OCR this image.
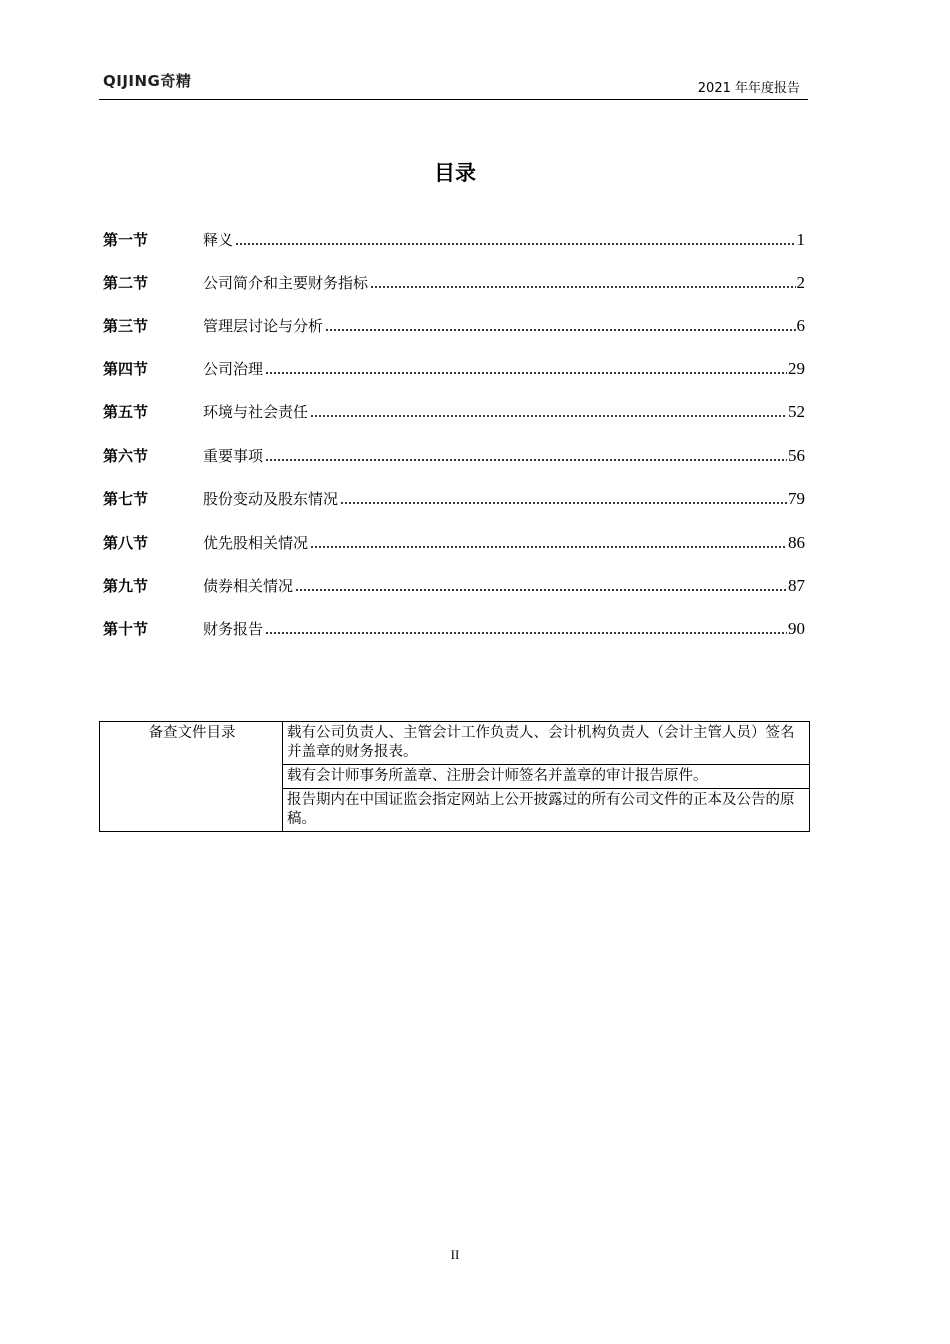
QIJING奇精	2021 年年度报告
目录
第一节	释义	1
第二节	公司简介和主要财务指标	2
第三节	管理层讨论与分析	6
第四节	公司治理	29
第五节	环境与社会责任	52
第六节	重要事项	56
第七节	股份变动及股东情况	79
第八节	优先股相关情况	86
第九节	债券相关情况	87
第十节	财务报告	90
备查文件目录	载有公司负责人、主管会计工作负责人、会计机构负责人（会计主管人员）签名并盖章的财务报表。
载有会计师事务所盖章、注册会计师签名并盖章的审计报告原件。
报告期内在中国证监会指定网站上公开披露过的所有公司文件的正本及公告的原稿。
II
